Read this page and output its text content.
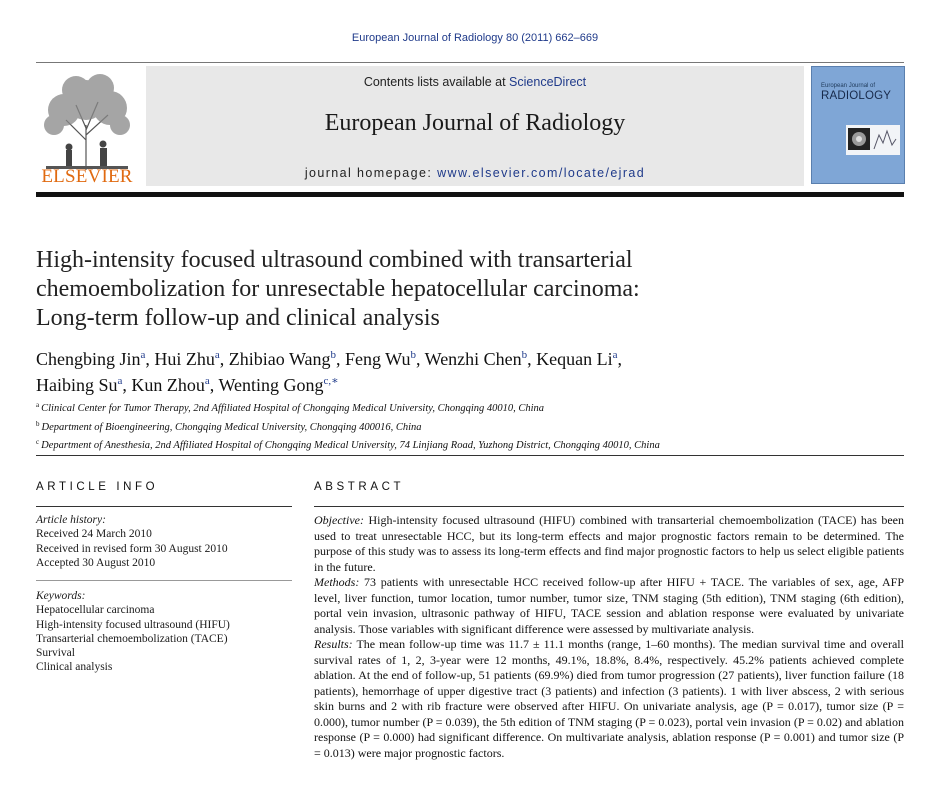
European Journal of Radiology 80 (2011) 662–669
ELSEVIER
Contents lists available at ScienceDirect
European Journal of Radiology
journal homepage: www.elsevier.com/locate/ejrad
European Journal of
RADIOLOGY
High-intensity focused ultrasound combined with transarterial
chemoembolization for unresectable hepatocellular carcinoma:
Long-term follow-up and clinical analysis
Chengbing Jin$^a$, Hui Zhu$^a$, Zhibiao Wang$^b$, Feng Wu$^b$, Wenzhi Chen$^b$, Kequan Li$^a$,
Haibing Su$^a$, Kun Zhou$^a$, Wenting Gong$^{c,∗}$
$^a$ Clinical Center for Tumor Therapy, 2nd Affiliated Hospital of Chongqing Medical University, Chongqing 40010, China
$^b$ Department of Bioengineering, Chongqing Medical University, Chongqing 400016, China
$^c$ Department of Anesthesia, 2nd Affiliated Hospital of Chongqing Medical University, 74 Linjiang Road, Yuzhong District, Chongqing 40010, China
ARTICLE INFO
Article history:
Received 24 March 2010
Received in revised form 30 August 2010
Accepted 30 August 2010
Keywords:
Hepatocellular carcinoma
High-intensity focused ultrasound (HIFU)
Transarterial chemoembolization (TACE)
Survival
Clinical analysis
ABSTRACT

Objective: High-intensity focused ultrasound (HIFU) combined with transarterial chemoembolization (TACE) has been used to treat unresectable HCC, but its long-term effects and major prognostic factors remain to be determined. The purpose of this study was to assess its long-term effects and find major prognostic factors to help us select eligible patients in the future.

Methods: 73 patients with unresectable HCC received follow-up after HIFU + TACE. The variables of sex, age, AFP level, liver function, tumor location, tumor number, tumor size, TNM staging (5th edition), TNM staging (6th edition), portal vein invasion, ultrasonic pathway of HIFU, TACE session and ablation response were evaluated by univariate analysis. Those variables with significant difference were assessed by multivariate analysis.

Results: The mean follow-up time was 11.7 ± 11.1 months (range, 1–60 months). The median survival time and overall survival rates of 1, 2, 3-year were 12 months, 49.1%, 18.8%, 8.4%, respectively. 45.2% patients achieved complete ablation. At the end of follow-up, 51 patients (69.9%) died from tumor progression (27 patients), liver function failure (18 patients), hemorrhage of upper digestive tract (3 patients) and infection (3 patients). 1 with liver abscess, 2 with serious skin burns and 2 with rib fracture were observed after HIFU. On univariate analysis, age (P = 0.017), tumor size (P = 0.000), tumor number (P = 0.039), the 5th edition of TNM staging (P = 0.023), portal vein invasion (P = 0.02) and ablation response (P = 0.000) had significant difference. On multivariate analysis, ablation response (P = 0.001) and tumor size (P = 0.013) were major prognostic factors.
